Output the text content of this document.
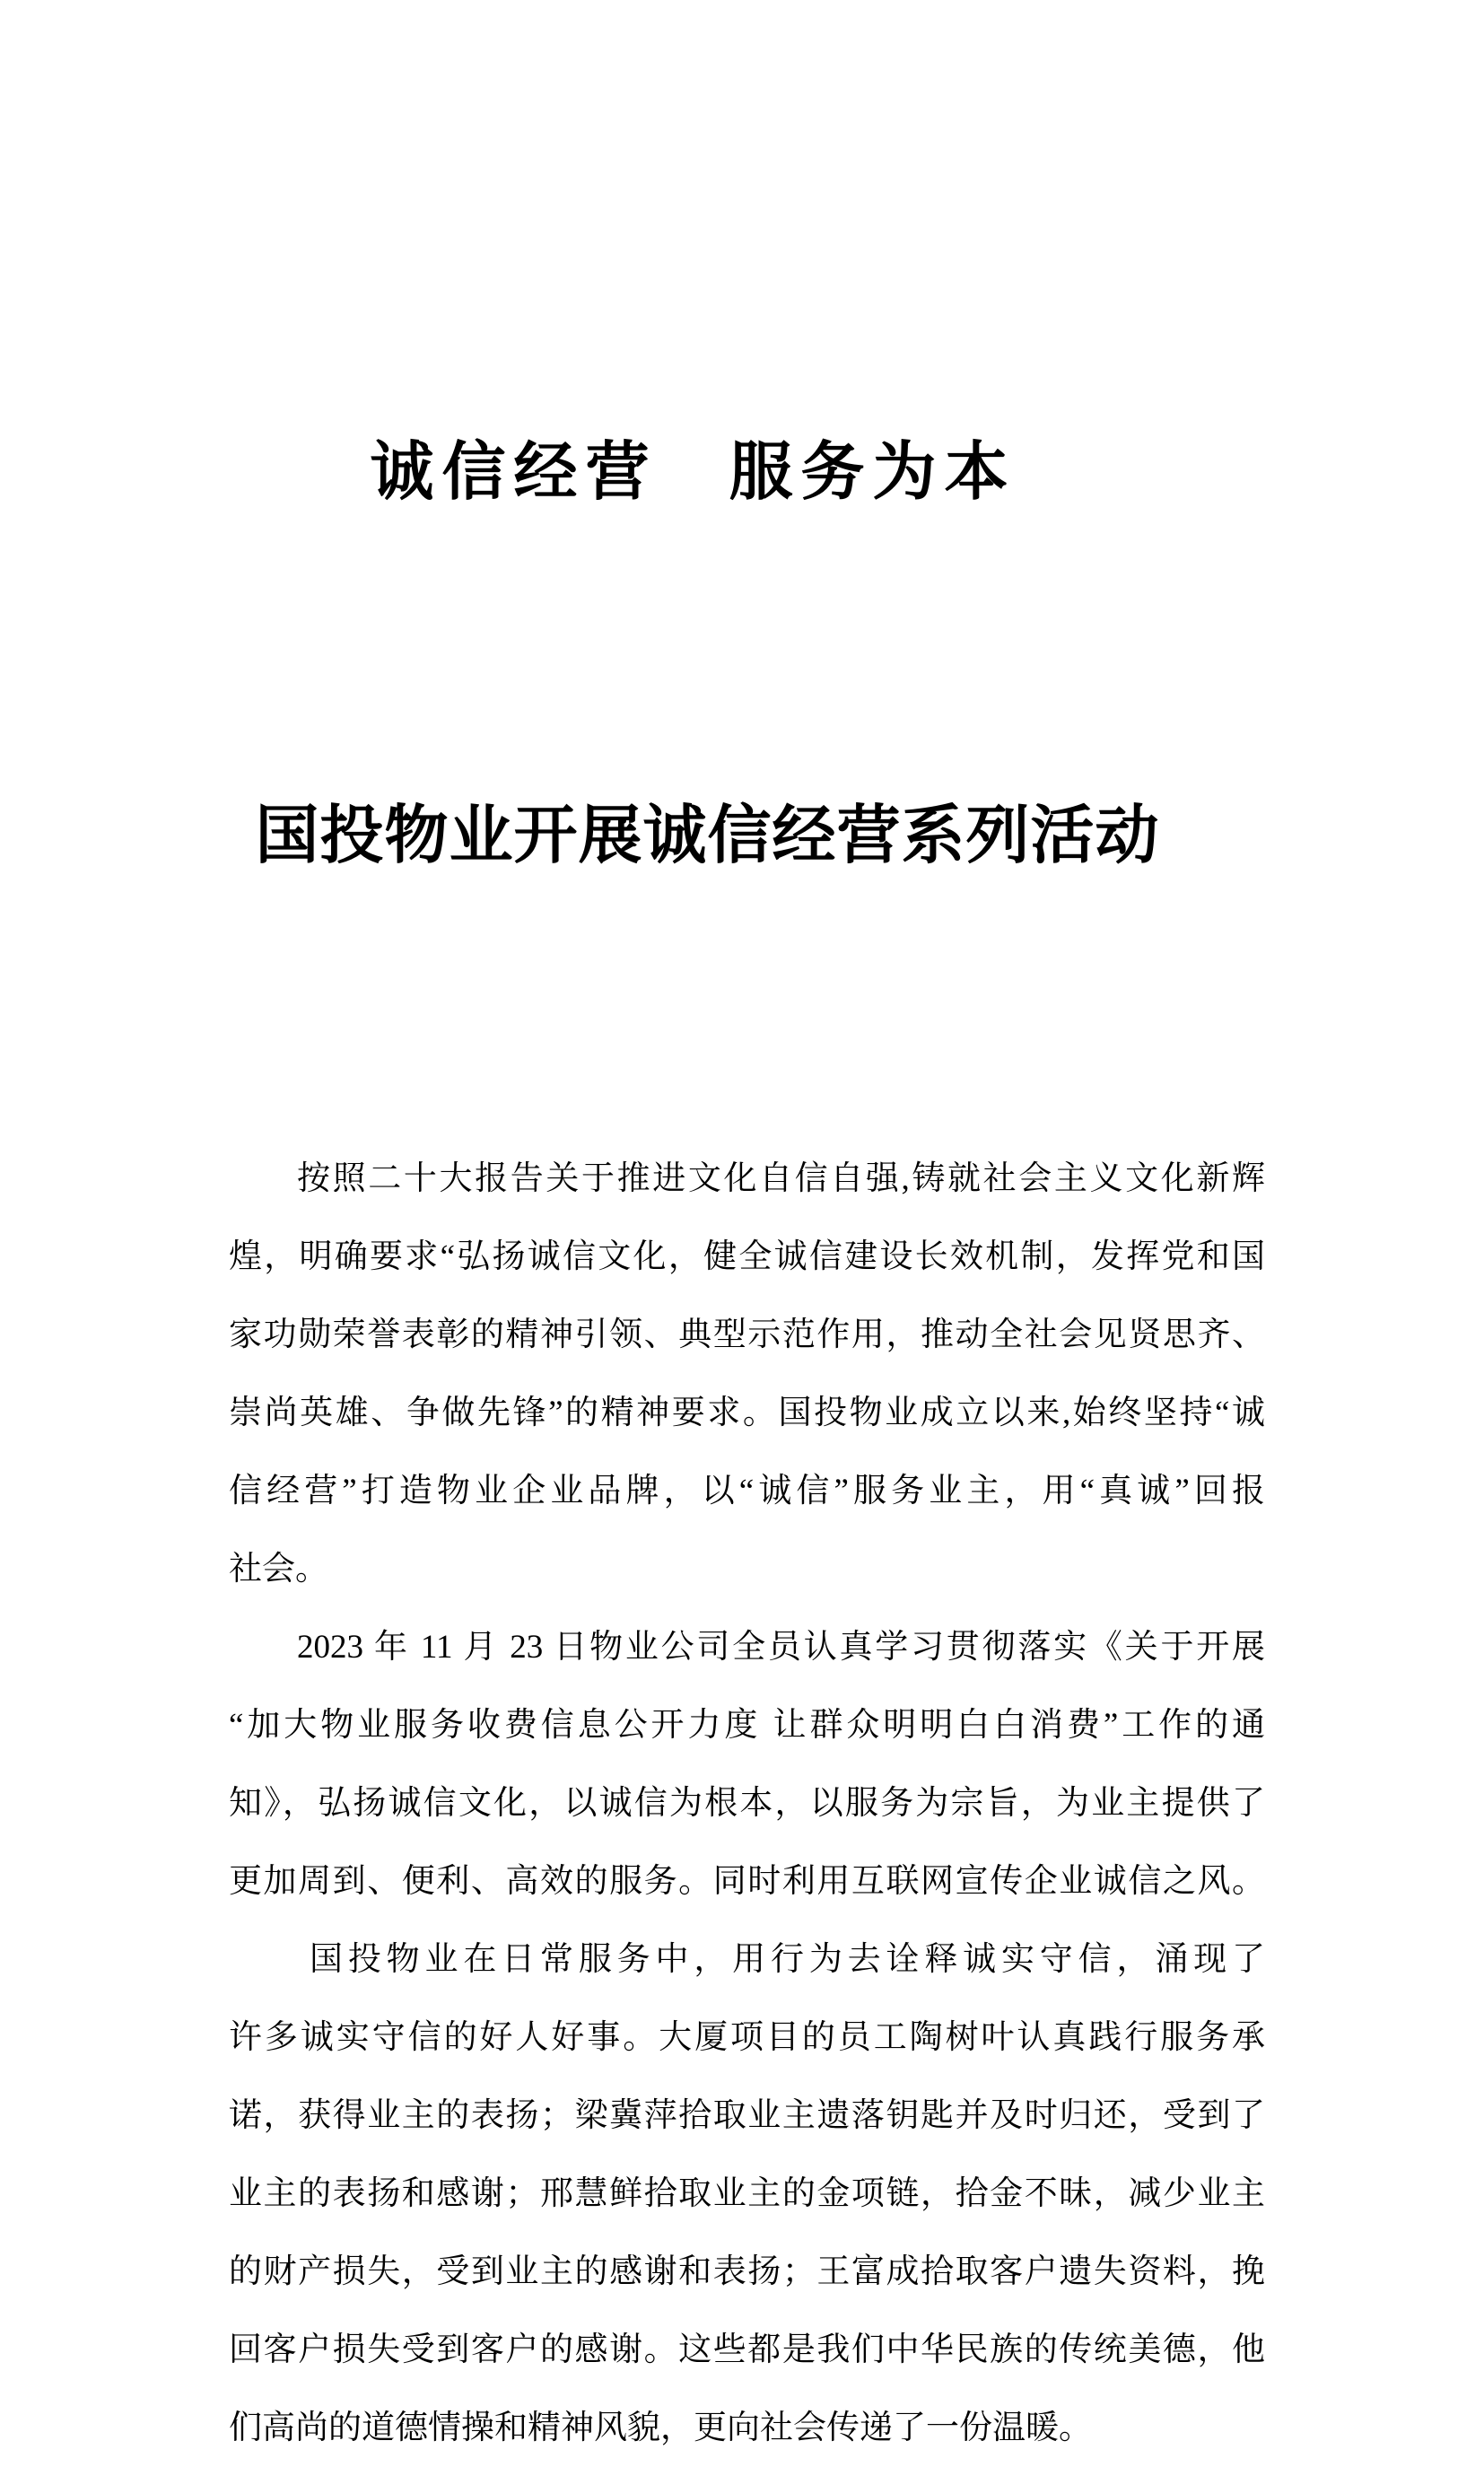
诚信经营　服务为本

国投物业开展诚信经营系列活动

按照二十大报告关于推进文化自信自强,铸就社会主义文化新辉
煌，明确要求“弘扬诚信文化，健全诚信建设长效机制，发挥党和国
家功勋荣誉表彰的精神引领、典型示范作用，推动全社会见贤思齐、
崇尚英雄、争做先锋”的精神要求。国投物业成立以来,始终坚持“诚
信经营”打造物业企业品牌，以“诚信”服务业主，用“真诚”回报
社会。
2023 年 11 月 23 日物业公司全员认真学习贯彻落实《关于开展
“加大物业服务收费信息公开力度 让群众明明白白消费”工作的通
知》，弘扬诚信文化，以诚信为根本，以服务为宗旨，为业主提供了
更加周到、便利、高效的服务。同时利用互联网宣传企业诚信之风。
国投物业在日常服务中，用行为去诠释诚实守信，涌现了
许多诚实守信的好人好事。大厦项目的员工陶树叶认真践行服务承
诺，获得业主的表扬；梁冀萍拾取业主遗落钥匙并及时归还，受到了
业主的表扬和感谢；邢慧鲜拾取业主的金项链，拾金不昧，减少业主
的财产损失，受到业主的感谢和表扬；王富成拾取客户遗失资料，挽
回客户损失受到客户的感谢。这些都是我们中华民族的传统美德，他
们高尚的道德情操和精神风貌，更向社会传递了一份温暖。
